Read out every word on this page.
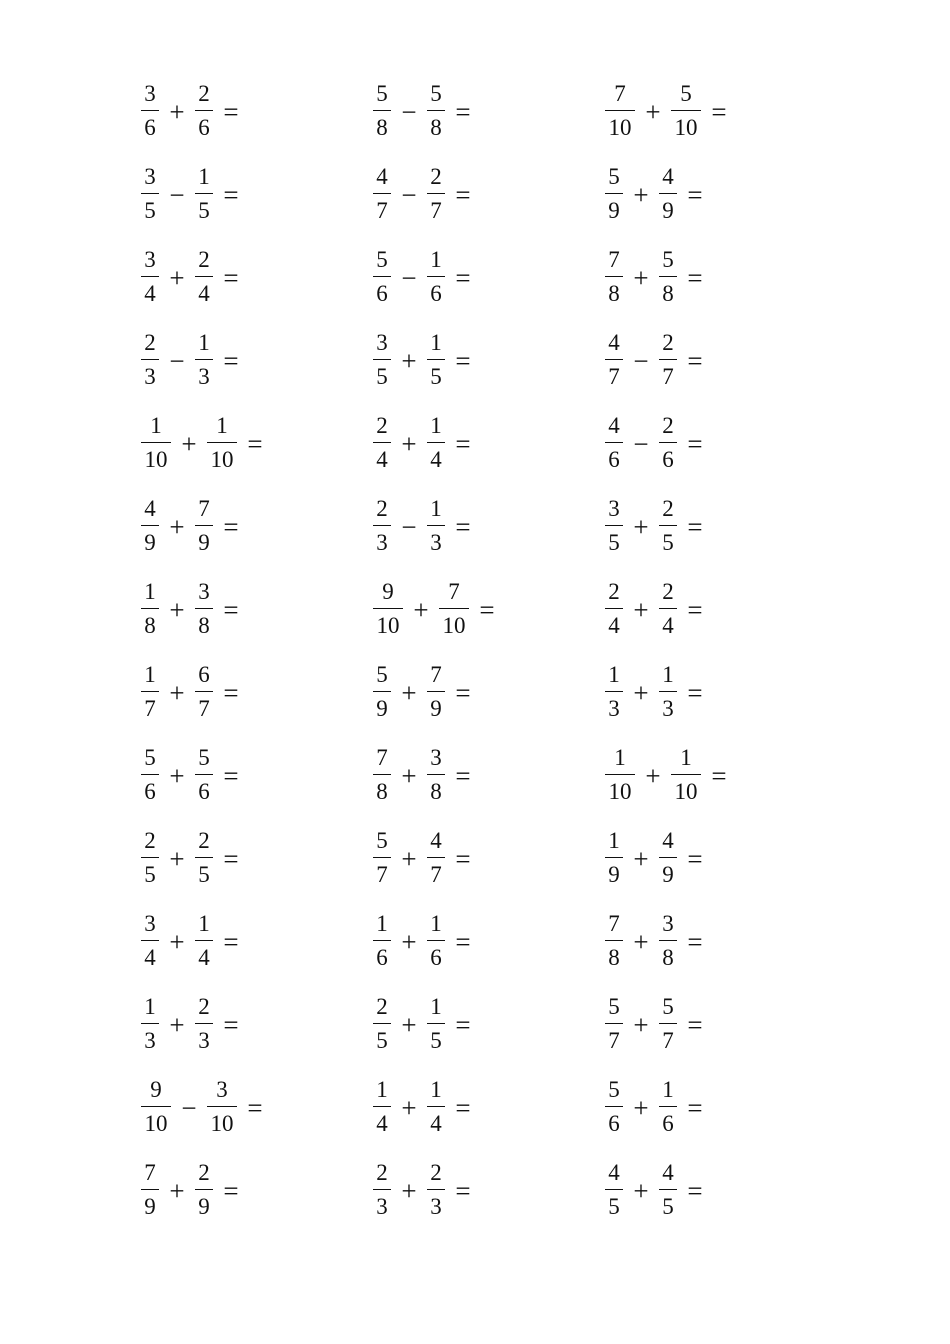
3
6
+
2
6
=
3
5
−
1
5
=
3
4
+
2
4
=
2
3
−
1
3
=
1
10
+
1
10
=
4
9
+
7
9
=
1
8
+
3
8
=
1
7
+
6
7
=
5
6
+
5
6
=
2
5
+
2
5
=
3
4
+
1
4
=
1
3
+
2
3
=
9
10
−
3
10
=
7
9
+
2
9
=
5
8
−
5
8
=
4
7
−
2
7
=
5
6
−
1
6
=
3
5
+
1
5
=
2
4
+
1
4
=
2
3
−
1
3
=
9
10
+
7
10
=
5
9
+
7
9
=
7
8
+
3
8
=
5
7
+
4
7
=
1
6
+
1
6
=
2
5
+
1
5
=
1
4
+
1
4
=
2
3
+
2
3
=
7
10
+
5
10
=
5
9
+
4
9
=
7
8
+
5
8
=
4
7
−
2
7
=
4
6
−
2
6
=
3
5
+
2
5
=
2
4
+
2
4
=
1
3
+
1
3
=
1
10
+
1
10
=
1
9
+
4
9
=
7
8
+
3
8
=
5
7
+
5
7
=
5
6
+
1
6
=
4
5
+
4
5
=
